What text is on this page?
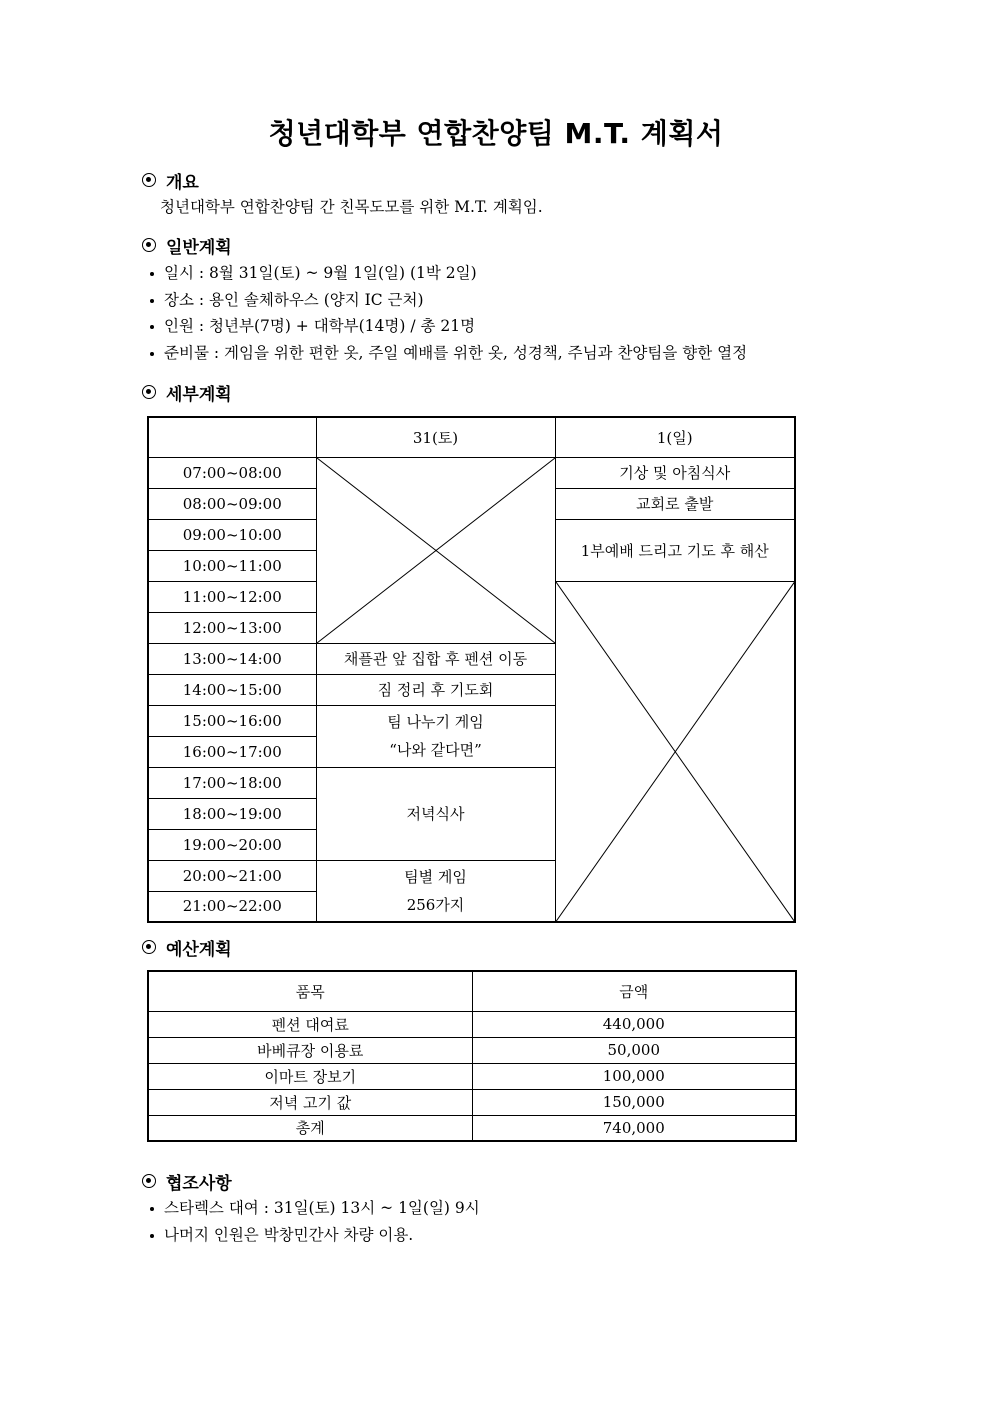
청년대학부 연합찬양팀 M.T. 계획서
개요
청년대학부 연합찬양팀 간 친목도모를 위한 M.T. 계획임.
일반계획
일시 : 8월 31일(토) ~ 9월 1일(일) (1박 2일)
장소 : 용인 솔체하우스 (양지 IC 근처)
인원 : 청년부(7명) + 대학부(14명) / 총 21명
준비물 : 게임을 위한 편한 옷, 주일 예배를 위한 옷, 성경책, 주님과 찬양팀을 향한 열정
세부계획
	31(토)	1(일)
07:00~08:00		기상 및 아침식사
08:00~09:00		교회로 출발
09:00~10:00		1부예배 드리고 기도 후 해산
10:00~11:00		
11:00~12:00	

12:00~13:00		
13:00~14:00	채플관 앞 집합 후 펜션 이동	
14:00~15:00	짐 정리 후 기도회	
15:00~16:00	팀 나누기 게임
“나와 같다면”	

16:00~17:00		
17:00~18:00	저녁식사	
18:00~19:00		
19:00~20:00		
20:00~21:00	팀별 게임
256가지	

21:00~22:00		
예산계획
품목	금액
펜션 대여료	440,000
바베큐장 이용료	50,000
이마트 장보기	100,000
저녁 고기 값	150,000
총계	740,000
협조사항
스타렉스 대여 : 31일(토) 13시 ~ 1일(일) 9시
나머지 인원은 박창민간사 차량 이용.
